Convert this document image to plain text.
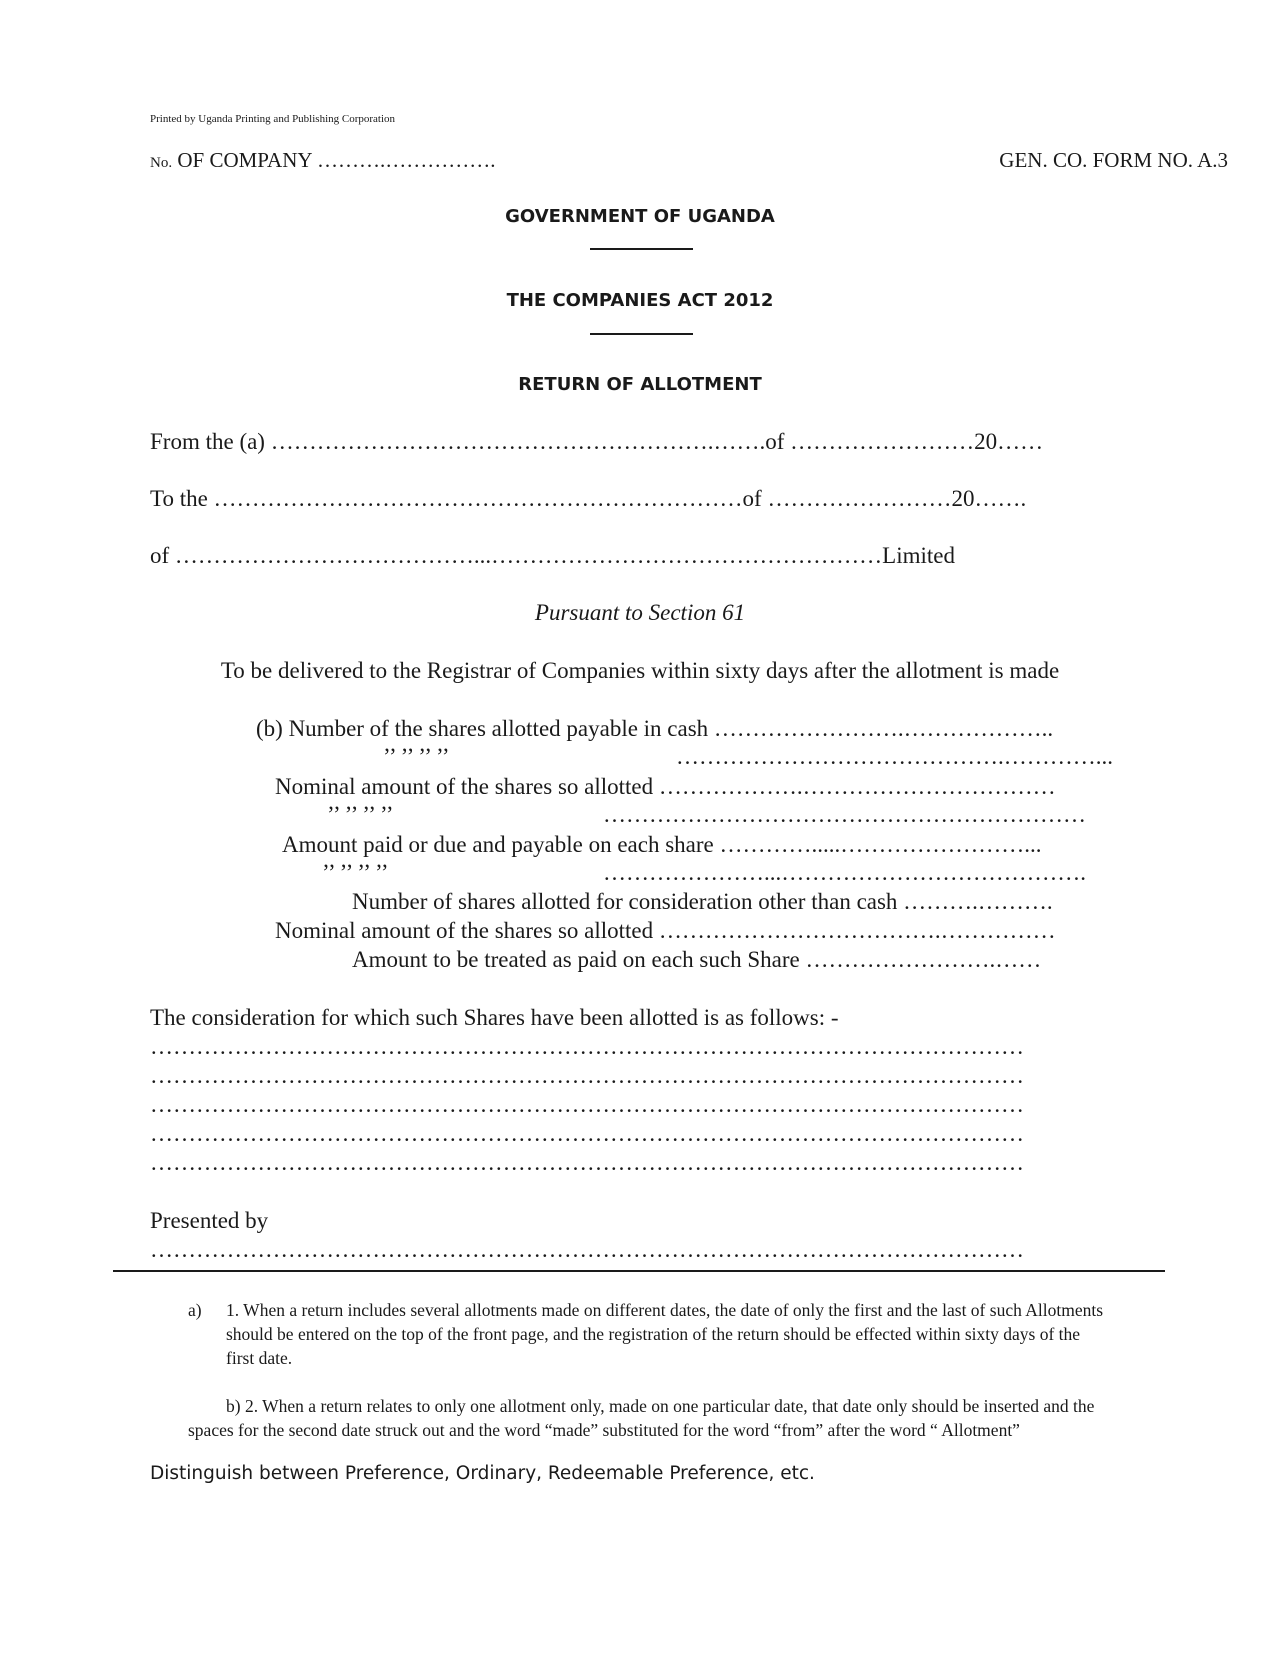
Printed by Uganda Printing and Publishing Corporation
No. OF COMPANY ……….…………….	GEN. CO. FORM NO. A.3
GOVERNMENT OF UGANDA
THE COMPANIES ACT 2012
RETURN OF ALLOTMENT
From the (a) ………………………………………………….…….of ……………………20……
To the ……………………………………………………………of ……………………20…….
of …………………………………...……………………………………………Limited
Pursuant to Section 61
To be delivered to the Registrar of Companies within sixty days after the allotment is made
(b) Number of the shares allotted payable in cash …………………….………………..
’’ ’’ ’’ ’’	…………………………………….…………...
Nominal amount of the shares so allotted ……………….……………………………
’’ ’’ ’’ ’’	………………………………………………………
Amount paid or due and payable on each share ………….....……………………...
’’ ’’ ’’ ’’	…………………...………………………………….
Number of shares allotted for consideration other than cash ……….……….
Nominal amount of the shares so allotted ……………………………….……………
Amount to be treated as paid on each such Share …………………….……
The consideration for which such Shares have been allotted is as follows: -
……………………………………………………………………………………………………
……………………………………………………………………………………………………
……………………………………………………………………………………………………
……………………………………………………………………………………………………
……………………………………………………………………………………………………
Presented by
……………………………………………………………………………………………………
a) 1. When a return includes several allotments made on different dates, the date of only the first and the last of such Allotments should be entered on the top of the front page, and the registration of the return should be effected within sixty days of the first date.
b) 2. When a return relates to only one allotment only, made on one particular date, that date only should be inserted and the spaces for the second date struck out and the word “made” substituted for the word “from” after the word “ Allotment”
Distinguish between Preference, Ordinary, Redeemable Preference, etc.
